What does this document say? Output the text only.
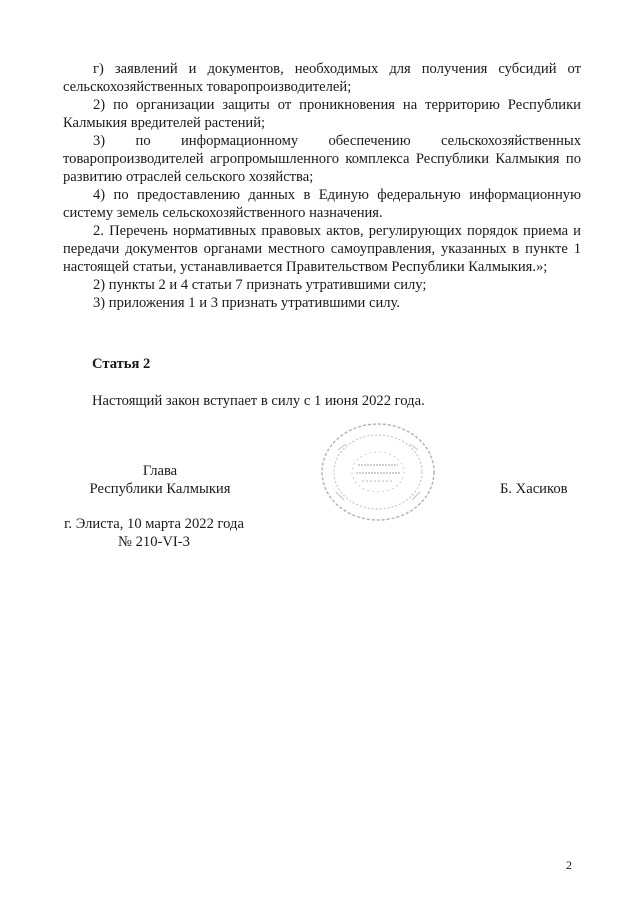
г) заявлений и документов, необходимых для получения субсидий от сельскохозяйственных товаропроизводителей;

2) по организации защиты от проникновения на территорию Республики Калмыкия вредителей растений;

3) по информационному обеспечению сельскохозяйственных товаропроизводителей агропромышленного комплекса Республики Калмыкия по развитию отраслей сельского хозяйства;

4) по предоставлению данных в Единую федеральную информационную систему земель сельскохозяйственного назначения.

2. Перечень нормативных правовых актов, регулирующих порядок приема и передачи документов органами местного самоуправления, указанных в пункте 1 настоящей статьи, устанавливается Правительством Республики Калмыкия.»;

2) пункты 2 и 4 статьи 7 признать утратившими силу;

3) приложения 1 и 3 признать утратившими силу.

Статья 2
Настоящий закон вступает в силу с 1 июня 2022 года.
Глава
Республики Калмыкия	Б. Хасиков
г. Элиста, 10 марта 2022 года
№ 210-VI-3
2
